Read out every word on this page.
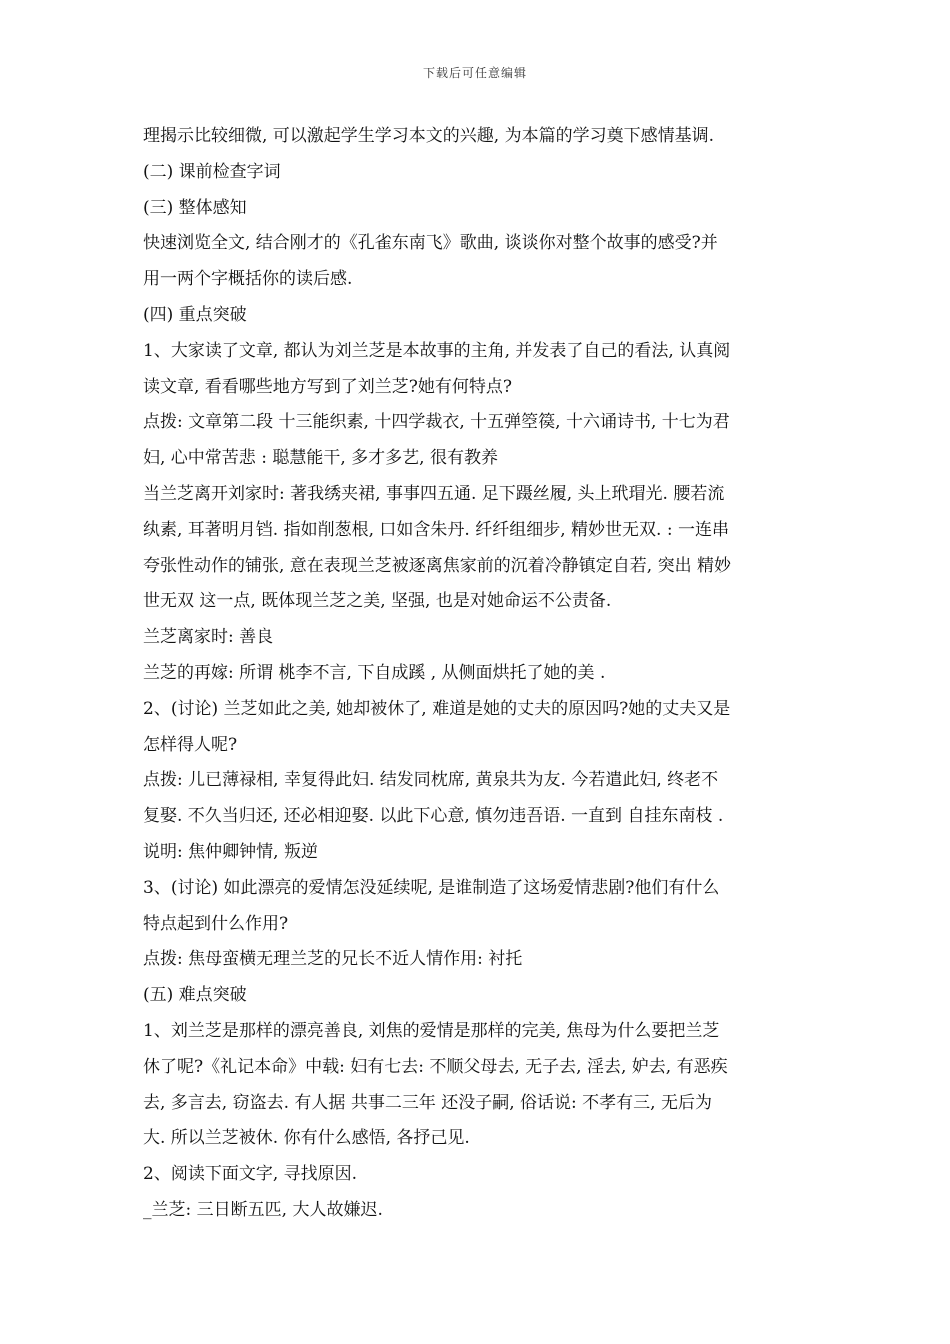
下载后可任意编辑
理揭示比较细微, 可以激起学生学习本文的兴趣, 为本篇的学习奠下感情基调.
(二) 课前检查字词
(三) 整体感知
快速浏览全文, 结合刚才的《孔雀东南飞》歌曲, 谈谈你对整个故事的感受?并
用一两个字概括你的读后感.
(四) 重点突破
1、大家读了文章, 都认为刘兰芝是本故事的主角, 并发表了自己的看法, 认真阅
读文章, 看看哪些地方写到了刘兰芝?她有何特点?
点拨: 文章第二段 十三能织素, 十四学裁衣, 十五弹箜篌, 十六诵诗书, 十七为君
妇, 心中常苦悲 : 聪慧能干, 多才多艺, 很有教养
当兰芝离开刘家时: 著我绣夹裙, 事事四五通. 足下蹑丝履, 头上玳瑁光. 腰若流
纨素, 耳著明月铛. 指如削葱根, 口如含朱丹. 纤纤组细步, 精妙世无双. : 一连串
夸张性动作的铺张, 意在表现兰芝被逐离焦家前的沉着冷静镇定自若, 突出 精妙
世无双 这一点, 既体现兰芝之美, 坚强, 也是对她命运不公责备.
兰芝离家时: 善良
兰芝的再嫁: 所谓 桃李不言, 下自成蹊 , 从侧面烘托了她的美 .
2、(讨论) 兰芝如此之美, 她却被休了, 难道是她的丈夫的原因吗?她的丈夫又是
怎样得人呢?
点拨: 儿已薄禄相, 幸复得此妇. 结发同枕席, 黄泉共为友. 今若遣此妇, 终老不
复娶. 不久当归还, 还必相迎娶. 以此下心意, 慎勿违吾语. 一直到 自挂东南枝 .
说明: 焦仲卿钟情, 叛逆
3、(讨论) 如此漂亮的爱情怎没延续呢, 是谁制造了这场爱情悲剧?他们有什么
特点起到什么作用?
点拨: 焦母蛮横无理兰芝的兄长不近人情作用: 衬托
(五) 难点突破
1、刘兰芝是那样的漂亮善良, 刘焦的爱情是那样的完美, 焦母为什么要把兰芝
休了呢?《礼记本命》中载: 妇有七去: 不顺父母去, 无子去, 淫去, 妒去, 有恶疾
去, 多言去, 窃盗去. 有人据 共事二三年 还没子嗣, 俗话说: 不孝有三, 无后为
大. 所以兰芝被休. 你有什么感悟, 各抒己见.
2、阅读下面文字, 寻找原因.
_兰芝: 三日断五匹, 大人故嫌迟.
